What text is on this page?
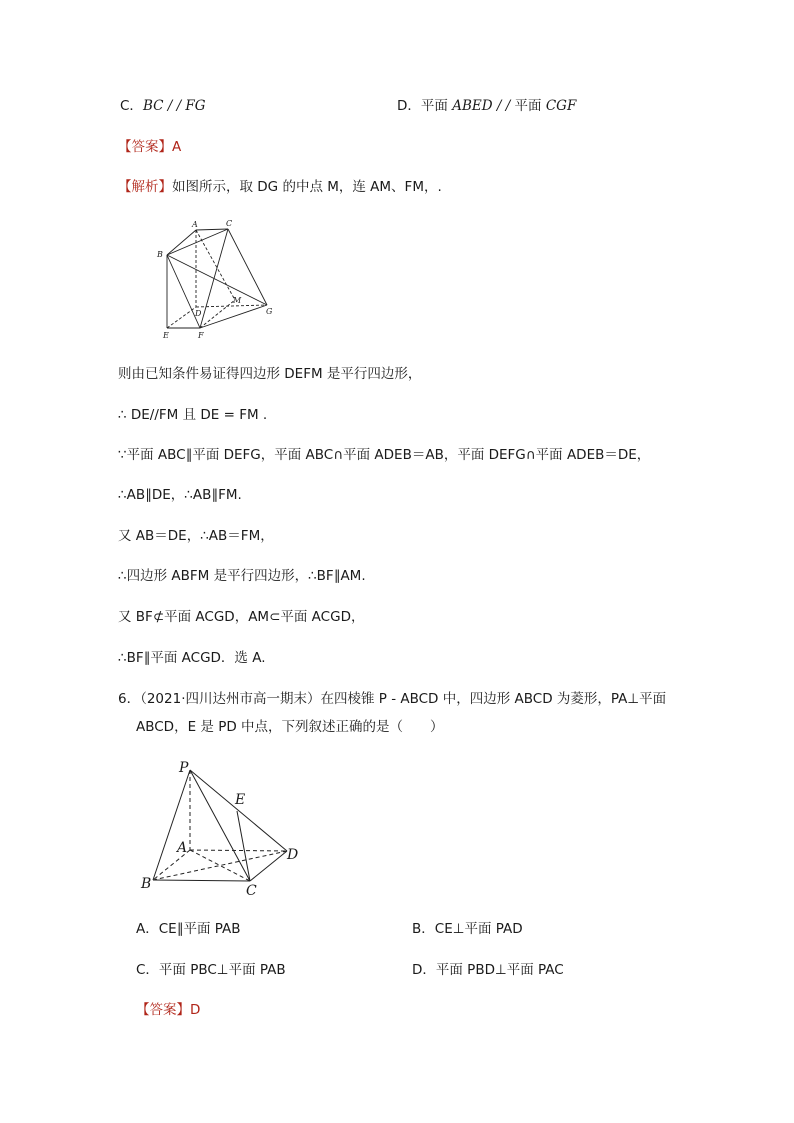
C．BC / / FG	D．平面 ABED / / 平面 CGF
【答案】A
【解析】如图所示，取 DG 的中点 M，连 AM、FM，.
A	C
B
M
D	G
E	F
则由已知条件易证得四边形 DEFM 是平行四边形，
∴ DE//FM 且 DE = FM .
∵平面 ABC∥平面 DEFG，平面 ABC∩平面 ADEB＝AB，平面 DEFG∩平面 ADEB＝DE，
∴AB∥DE，∴AB∥FM.
又 AB＝DE，∴AB＝FM，
∴四边形 ABFM 是平行四边形，∴BF∥AM.
又 BF⊄平面 ACGD，AM⊂平面 ACGD，
∴BF∥平面 ACGD．选 A.
6．（2021·四川达州市高一期末）在四棱锥 P - ABCD 中，四边形 ABCD 为菱形，PA⊥平面
ABCD，E 是 PD 中点，下列叙述正确的是（　　）
P
E
A	D
B	C
A．CE∥平面 PAB	B．CE⊥平面 PAD
C．平面 PBC⊥平面 PAB	D．平面 PBD⊥平面 PAC
【答案】D
